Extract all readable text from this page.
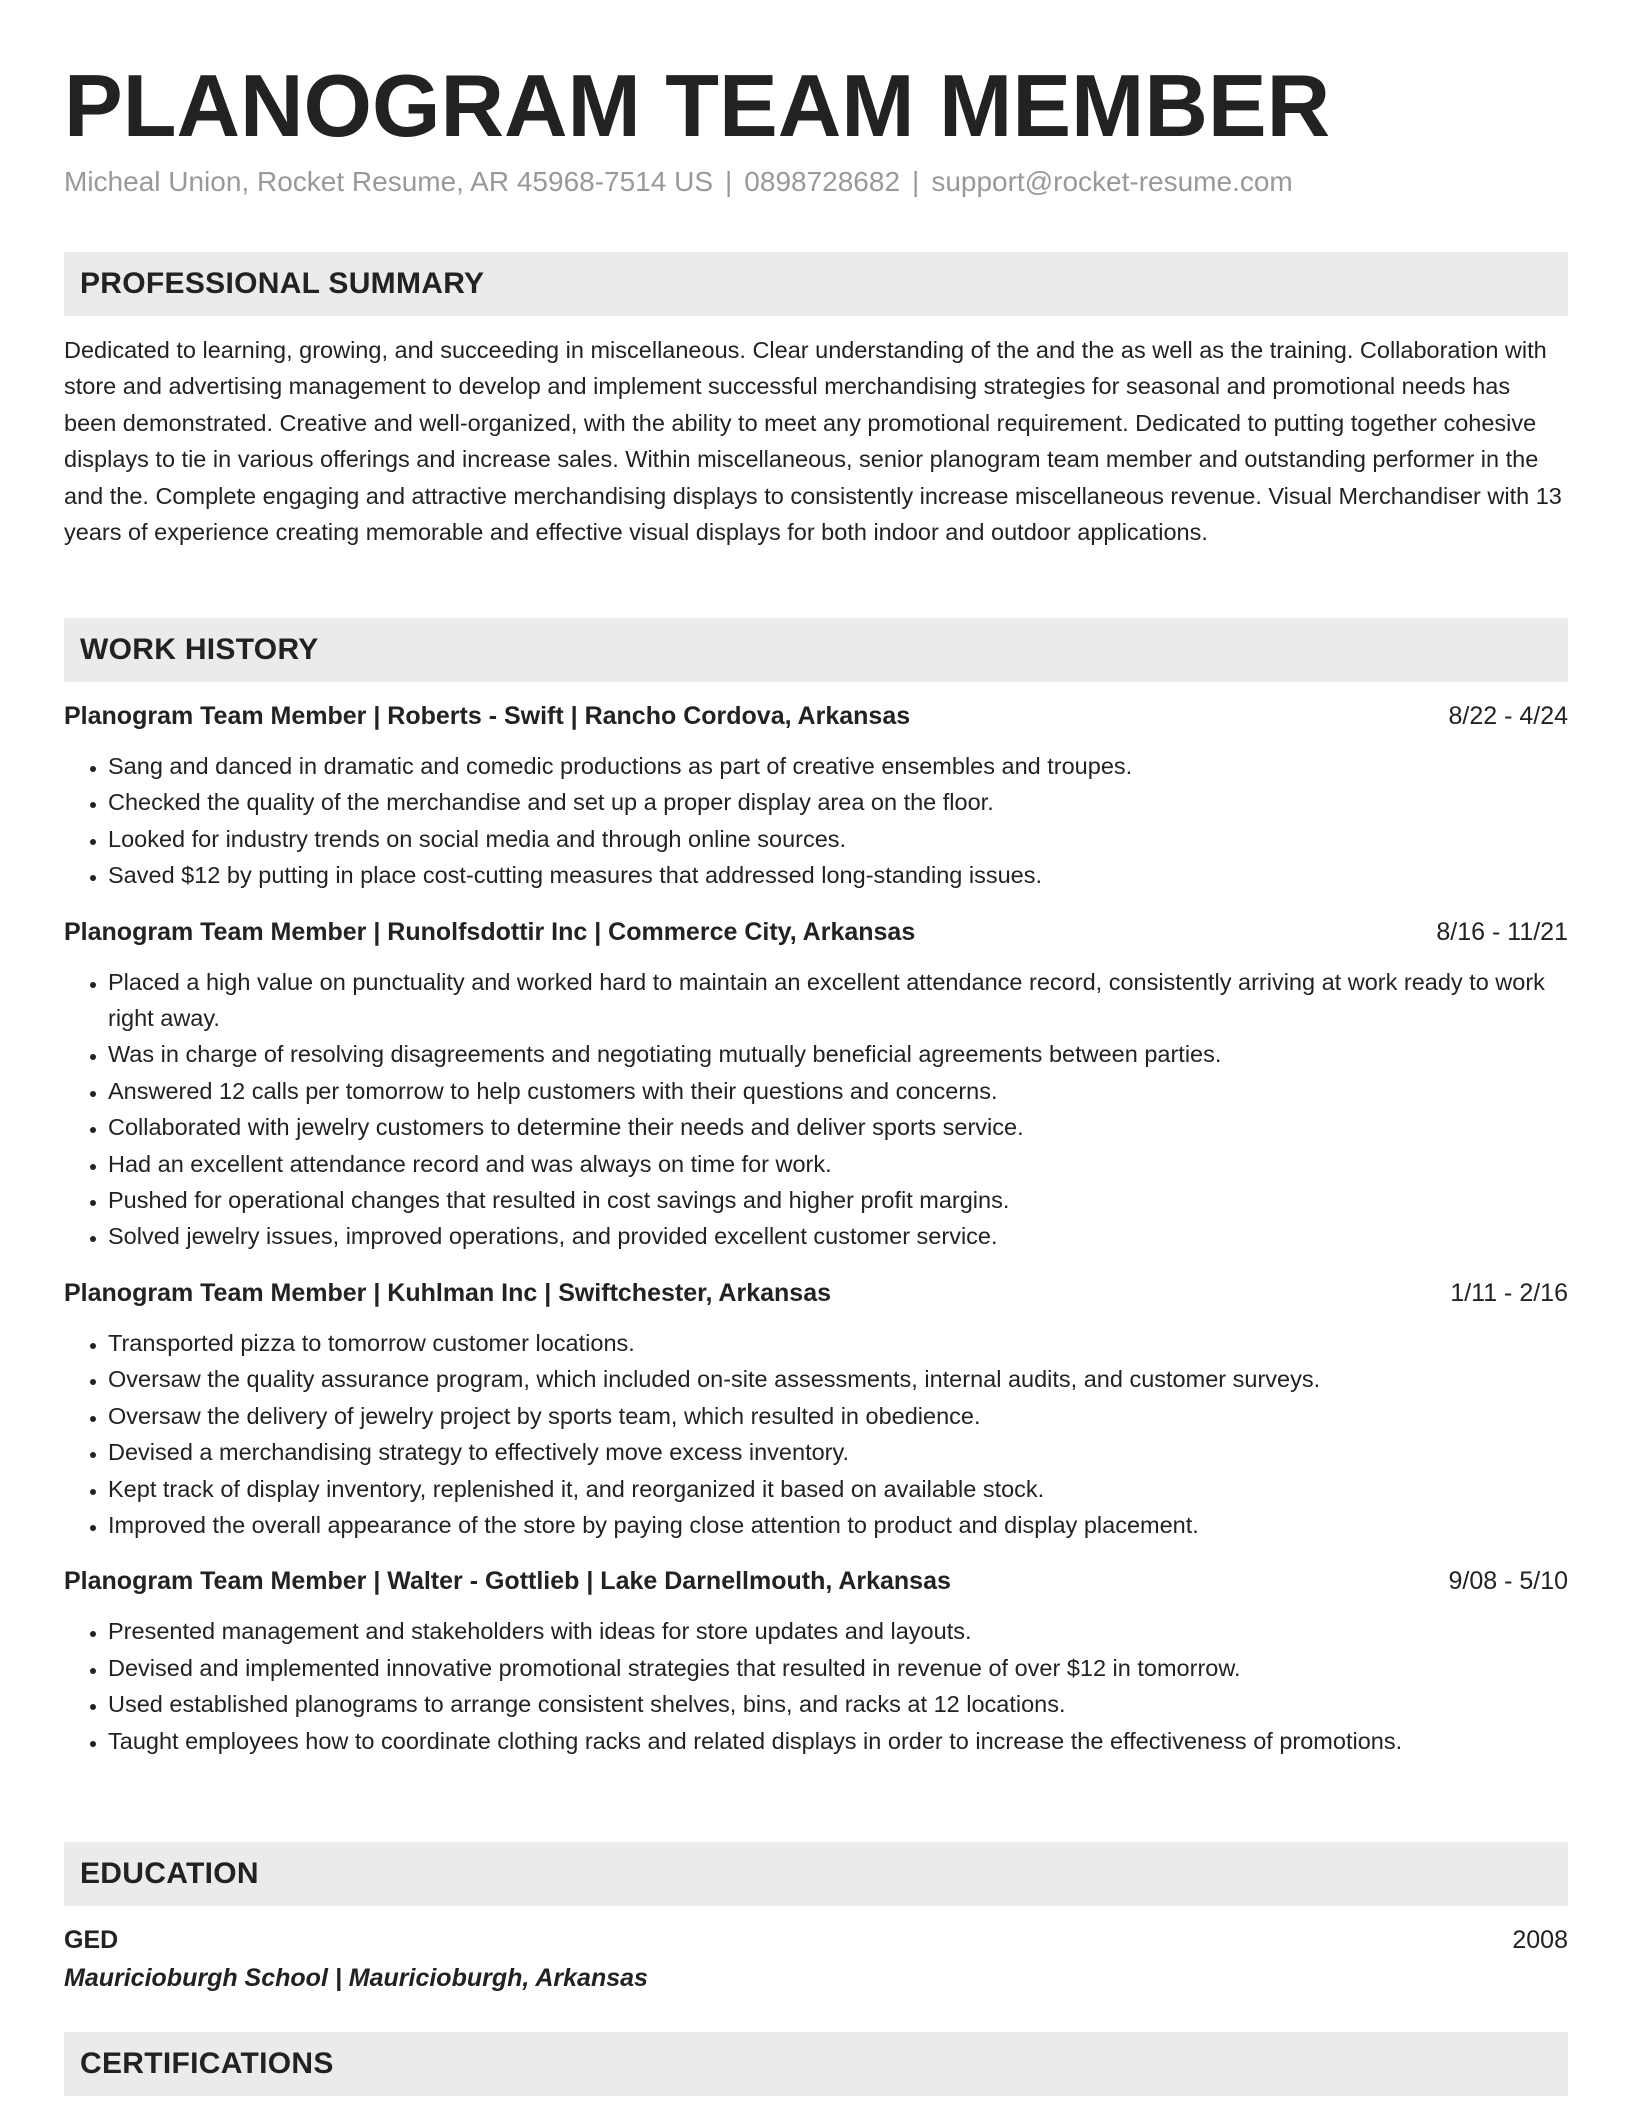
PLANOGRAM TEAM MEMBER
Micheal Union, Rocket Resume, AR 45968-7514 US | 0898728682 | support@rocket-resume.com
PROFESSIONAL SUMMARY
Dedicated to learning, growing, and succeeding in miscellaneous. Clear understanding of the and the as well as the training. Collaboration with store and advertising management to develop and implement successful merchandising strategies for seasonal and promotional needs has been demonstrated. Creative and well-organized, with the ability to meet any promotional requirement. Dedicated to putting together cohesive displays to tie in various offerings and increase sales. Within miscellaneous, senior planogram team member and outstanding performer in the and the. Complete engaging and attractive merchandising displays to consistently increase miscellaneous revenue. Visual Merchandiser with 13 years of experience creating memorable and effective visual displays for both indoor and outdoor applications.
WORK HISTORY
Planogram Team Member | Roberts - Swift | Rancho Cordova, Arkansas	8/22 - 4/24
• Sang and danced in dramatic and comedic productions as part of creative ensembles and troupes.
• Checked the quality of the merchandise and set up a proper display area on the floor.
• Looked for industry trends on social media and through online sources.
• Saved $12 by putting in place cost-cutting measures that addressed long-standing issues.
Planogram Team Member | Runolfsdottir Inc | Commerce City, Arkansas	8/16 - 11/21
• Placed a high value on punctuality and worked hard to maintain an excellent attendance record, consistently arriving at work ready to work right away.
• Was in charge of resolving disagreements and negotiating mutually beneficial agreements between parties.
• Answered 12 calls per tomorrow to help customers with their questions and concerns.
• Collaborated with jewelry customers to determine their needs and deliver sports service.
• Had an excellent attendance record and was always on time for work.
• Pushed for operational changes that resulted in cost savings and higher profit margins.
• Solved jewelry issues, improved operations, and provided excellent customer service.
Planogram Team Member | Kuhlman Inc | Swiftchester, Arkansas	1/11 - 2/16
• Transported pizza to tomorrow customer locations.
• Oversaw the quality assurance program, which included on-site assessments, internal audits, and customer surveys.
• Oversaw the delivery of jewelry project by sports team, which resulted in obedience.
• Devised a merchandising strategy to effectively move excess inventory.
• Kept track of display inventory, replenished it, and reorganized it based on available stock.
• Improved the overall appearance of the store by paying close attention to product and display placement.
Planogram Team Member | Walter - Gottlieb | Lake Darnellmouth, Arkansas	9/08 - 5/10
• Presented management and stakeholders with ideas for store updates and layouts.
• Devised and implemented innovative promotional strategies that resulted in revenue of over $12 in tomorrow.
• Used established planograms to arrange consistent shelves, bins, and racks at 12 locations.
• Taught employees how to coordinate clothing racks and related displays in order to increase the effectiveness of promotions.
EDUCATION
GED	2008
Mauricioburgh School | Mauricioburgh, Arkansas
CERTIFICATIONS
